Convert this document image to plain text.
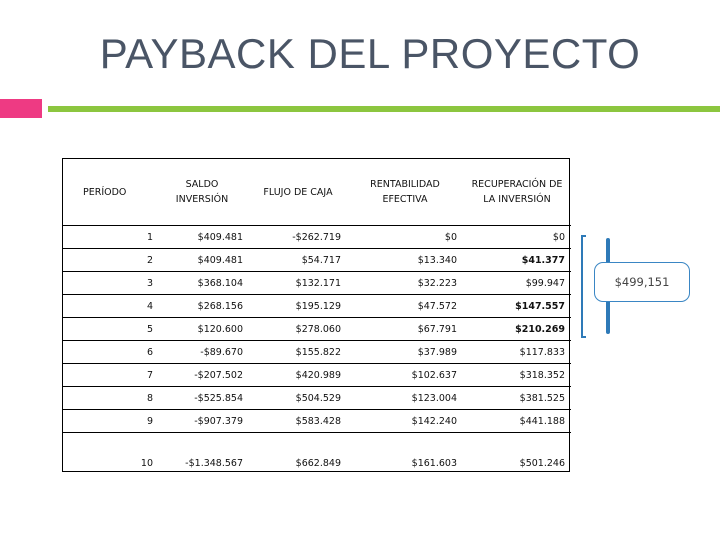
PAYBACK DEL PROYECTO
PERÍODO	SALDO INVERSIÓN	FLUJO DE CAJA	RENTABILIDAD EFECTIVA	RECUPERACIÓN DE LA INVERSIÓN
1	$409.481	-$262.719	$0	$0
2	$409.481	$54.717	$13.340	$41.377
3	$368.104	$132.171	$32.223	$99.947
4	$268.156	$195.129	$47.572	$147.557
5	$120.600	$278.060	$67.791	$210.269
6	-$89.670	$155.822	$37.989	$117.833
7	-$207.502	$420.989	$102.637	$318.352
8	-$525.854	$504.529	$123.004	$381.525
9	-$907.379	$583.428	$142.240	$441.188
10	-$1.348.567	$662.849	$161.603	$501.246
$499,151
